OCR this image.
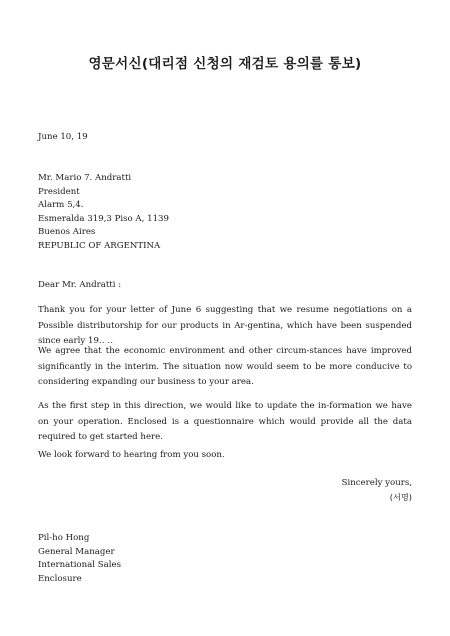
영문서신(대리점 신청의 재검토 용의를 통보)
June 10, 19
Mr. Mario 7. Andratti
President
Alarm 5,4.
Esmeralda 319,3 Piso A, 1139
Buenos Aires
REPUBLIC OF ARGENTINA
Dear Mr. Andratti :
Thank you for your letter of June 6 suggesting that we resume negotiations on a Possible distributorship for our products in Ar-gentina, which have been suspended since early 19‥ ‥
We agree that the economic environment and other circum-stances have improved significantly in the interim. The situation now would seem to be more conducive to considering expanding our business to your area.
As the first step in this direction, we would like to update the in-formation we have on your operation. Enclosed is a questionnaire which would provide all the data required to get started here.
We look forward to hearing from you soon.
Sincerely yours,
(서명)
Pil-ho Hong
General Manager
International Sales
Enclosure
